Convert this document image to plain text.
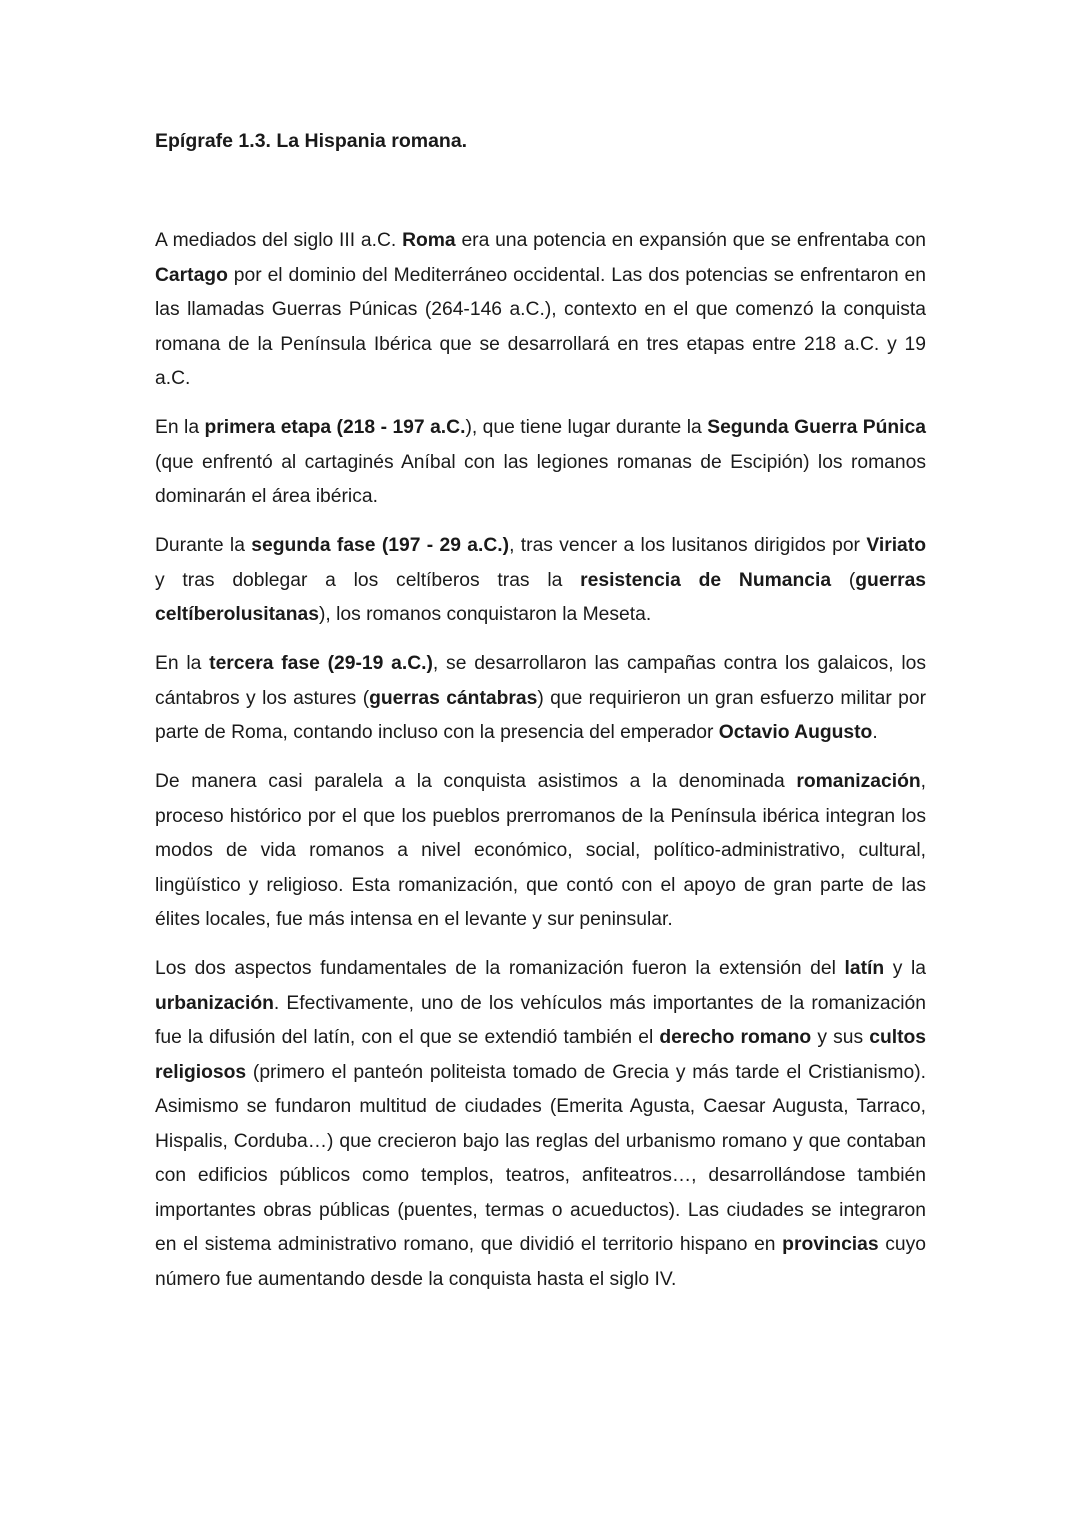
Epígrafe 1.3. La Hispania romana.

A mediados del siglo III a.C. Roma era una potencia en expansión que se enfrentaba con Cartago por el dominio del Mediterráneo occidental. Las dos potencias se enfrentaron en las llamadas Guerras Púnicas (264-146 a.C.), contexto en el que comenzó la conquista romana de la Península Ibérica que se desarrollará en tres etapas entre 218 a.C. y 19 a.C.

En la primera etapa (218 - 197 a.C.), que tiene lugar durante la Segunda Guerra Púnica (que enfrentó al cartaginés Aníbal con las legiones romanas de Escipión) los romanos dominarán el área ibérica.

Durante la segunda fase (197 - 29 a.C.), tras vencer a los lusitanos dirigidos por Viriato y tras doblegar a los celtíberos tras la resistencia de Numancia (guerras celtíberolusitanas), los romanos conquistaron la Meseta.

En la tercera fase (29-19 a.C.), se desarrollaron las campañas contra los galaicos, los cántabros y los astures (guerras cántabras) que requirieron un gran esfuerzo militar por parte de Roma, contando incluso con la presencia del emperador Octavio Augusto.

De manera casi paralela a la conquista asistimos a la denominada romanización, proceso histórico por el que los pueblos prerromanos de la Península ibérica integran los modos de vida romanos a nivel económico, social, político-administrativo, cultural, lingüístico y religioso. Esta romanización, que contó con el apoyo de gran parte de las élites locales, fue más intensa en el levante y sur peninsular.

Los dos aspectos fundamentales de la romanización fueron la extensión del latín y la urbanización. Efectivamente, uno de los vehículos más importantes de la romanización fue la difusión del latín, con el que se extendió también el derecho romano y sus cultos religiosos (primero el panteón politeista tomado de Grecia y más tarde el Cristianismo). Asimismo se fundaron multitud de ciudades (Emerita Agusta, Caesar Augusta, Tarraco, Hispalis, Corduba…) que crecieron bajo las reglas del urbanismo romano y que contaban con edificios públicos como templos, teatros, anfiteatros…, desarrollándose también importantes obras públicas (puentes, termas o acueductos). Las ciudades se integraron en el sistema administrativo romano, que dividió el territorio hispano en provincias cuyo número fue aumentando desde la conquista hasta el siglo IV.
